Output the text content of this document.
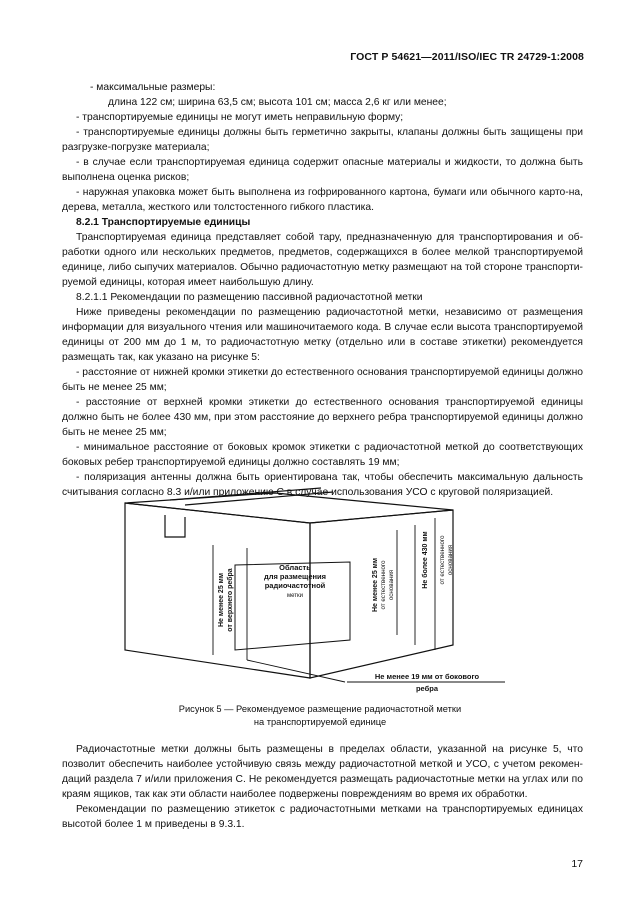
ГОСТ Р 54621—2011/ISO/IEC TR 24729-1:2008

- максимальные размеры:

длина 122 см; ширина 63,5 см; высота 101 см; масса 2,6 кг или менее;

- транспортируемые единицы не могут иметь неправильную форму;

- транспортируемые единицы должны быть герметично закрыты, клапаны должны быть защищены при разгрузке-погрузке материала;

- в случае если транспортируемая единица содержит опасные материалы и жидкости, то должна быть выполнена оценка рисков;

- наружная упаковка может быть выполнена из гофрированного картона, бумаги или обычного карто-на, дерева, металла, жесткого или толстостенного гибкого пластика.

8.2.1 Транспортируемые единицы

Транспортируемая единица представляет собой тару, предназначенную для транспортирования и об-работки одного или нескольких предметов, предметов, содержащихся в более мелкой транспортируемой единице, либо сыпучих материалов. Обычно радиочастотную метку размещают на той стороне транспорти-руемой единицы, которая имеет наибольшую длину.

8.2.1.1 Рекомендации по размещению пассивной радиочастотной метки

Ниже приведены рекомендации по размещению радиочастотной метки, независимо от размещения информации для визуального чтения или машиночитаемого кода. В случае если высота транспортируемой единицы от 200 мм до 1 м, то радиочастотную метку (отдельно или в составе этикетки) рекомендуется размещать так, как указано на рисунке 5:

- расстояние от нижней кромки этикетки до естественного основания транспортируемой единицы должно быть не менее 25 мм;

- расстояние от верхней кромки этикетки до естественного основания транспортируемой единицы должно быть не более 430 мм, при этом расстояние до верхнего ребра транспортируемой единицы должно быть не менее 25 мм;

- минимальное расстояние от боковых кромок этикетки с радиочастотной меткой до соответствующих боковых ребер транспортируемой единицы должно составлять 19 мм;

- поляризация антенны должна быть ориентирована так, чтобы обеспечить максимальную дальность считывания согласно 8.3 и/или приложению С в случае использования УСО с круговой поляризацией.

Область
для размещения
радиочастотной
метки
Не менее 25 мм от верхнего ребра	Не менее 25 мм от естественного основания	Не более 430 мм от естественного основания
Не менее 19 мм от бокового
ребра
Рисунок 5 — Рекомендуемое размещение радиочастотной метки
на транспортируемой единице

Радиочастотные метки должны быть размещены в пределах области, указанной на рисунке 5, что позволит обеспечить наиболее устойчивую связь между радиочастотной меткой и УСО, с учетом рекомен-даций раздела 7 и/или приложения С. Не рекомендуется размещать радиочастотные метки на углах или по краям ящиков, так как эти области наиболее подвержены повреждениям во время их обработки.

Рекомендации по размещению этикеток с радиочастотными метками на транспортируемых единицах высотой более 1 м приведены в 9.3.1.

17
